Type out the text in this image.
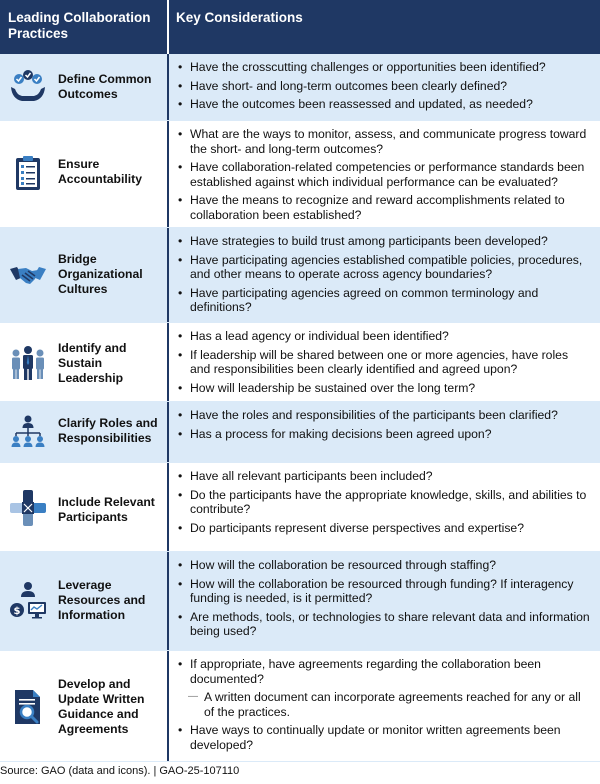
Leading Collaboration Practices
Key Considerations
Define Common Outcomes
• Have the crosscutting challenges or opportunities been identified?
• Have short- and long-term outcomes been clearly defined?
• Have the outcomes been reassessed and updated, as needed?
Ensure Accountability
• What are the ways to monitor, assess, and communicate progress toward the short- and long-term outcomes?
• Have collaboration-related competencies or performance standards been established against which individual performance can be evaluated?
• Have the means to recognize and reward accomplishments related to collaboration been established?
Bridge Organizational Cultures
• Have strategies to build trust among participants been developed?
• Have participating agencies established compatible policies, procedures, and other means to operate across agency boundaries?
• Have participating agencies agreed on common terminology and definitions?
Identify and Sustain Leadership
• Has a lead agency or individual been identified?
• If leadership will be shared between one or more agencies, have roles and responsibilities been clearly identified and agreed upon?
• How will leadership be sustained over the long term?
Clarify Roles and Responsibilities
• Have the roles and responsibilities of the participants been clarified?
• Has a process for making decisions been agreed upon?
Include Relevant Participants
• Have all relevant participants been included?
• Do the participants have the appropriate knowledge, skills, and abilities to contribute?
• Do participants represent diverse perspectives and expertise?
$
Leverage Resources and Information
• How will the collaboration be resourced through staffing?
• How will the collaboration be resourced through funding? If interagency funding is needed, is it permitted?
• Are methods, tools, or technologies to share relevant data and information being used?
Develop and Update Written Guidance and Agreements
• If appropriate, have agreements regarding the collaboration been documented?
— A written document can incorporate agreements reached for any or all of the practices.
• Have ways to continually update or monitor written agreements been developed?
Source: GAO (data and icons). | GAO-25-107110
